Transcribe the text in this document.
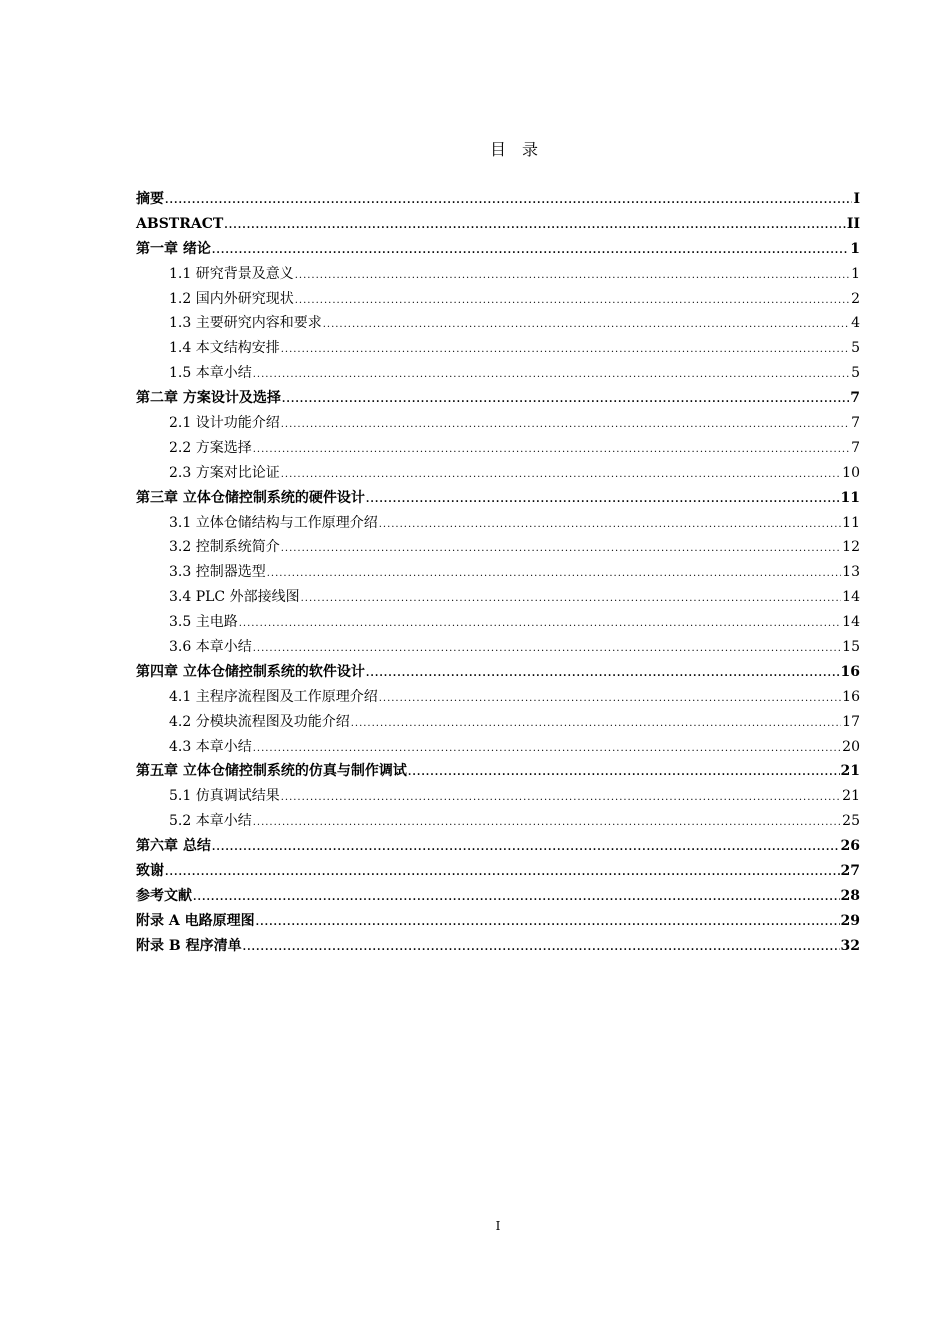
目 录
摘要 .....	I
ABSTRACT .....	II
第一章 绪论 .....	1
1.1 研究背景及意义 .....	1
1.2 国内外研究现状 .....	2
1.3 主要研究内容和要求 .....	4
1.4 本文结构安排 .....	5
1.5 本章小结 .....	5
第二章 方案设计及选择 .....	7
2.1 设计功能介绍 .....	7
2.2 方案选择 .....	7
2.3 方案对比论证 .....	10
第三章 立体仓储控制系统的硬件设计 .....	11
3.1 立体仓储结构与工作原理介绍 .....	11
3.2 控制系统简介 .....	12
3.3 控制器选型 .....	13
3.4 PLC 外部接线图 .....	14
3.5 主电路 .....	14
3.6 本章小结 .....	15
第四章 立体仓储控制系统的软件设计 .....	16
4.1 主程序流程图及工作原理介绍 .....	16
4.2 分模块流程图及功能介绍 .....	17
4.3 本章小结 .....	20
第五章 立体仓储控制系统的仿真与制作调试 .....	21
5.1 仿真调试结果 .....	21
5.2 本章小结 .....	25
第六章 总结 .....	26
致谢 .....	27
参考文献 .....	28
附录 A 电路原理图 .....	29
附录 B 程序清单 .....	32
I
